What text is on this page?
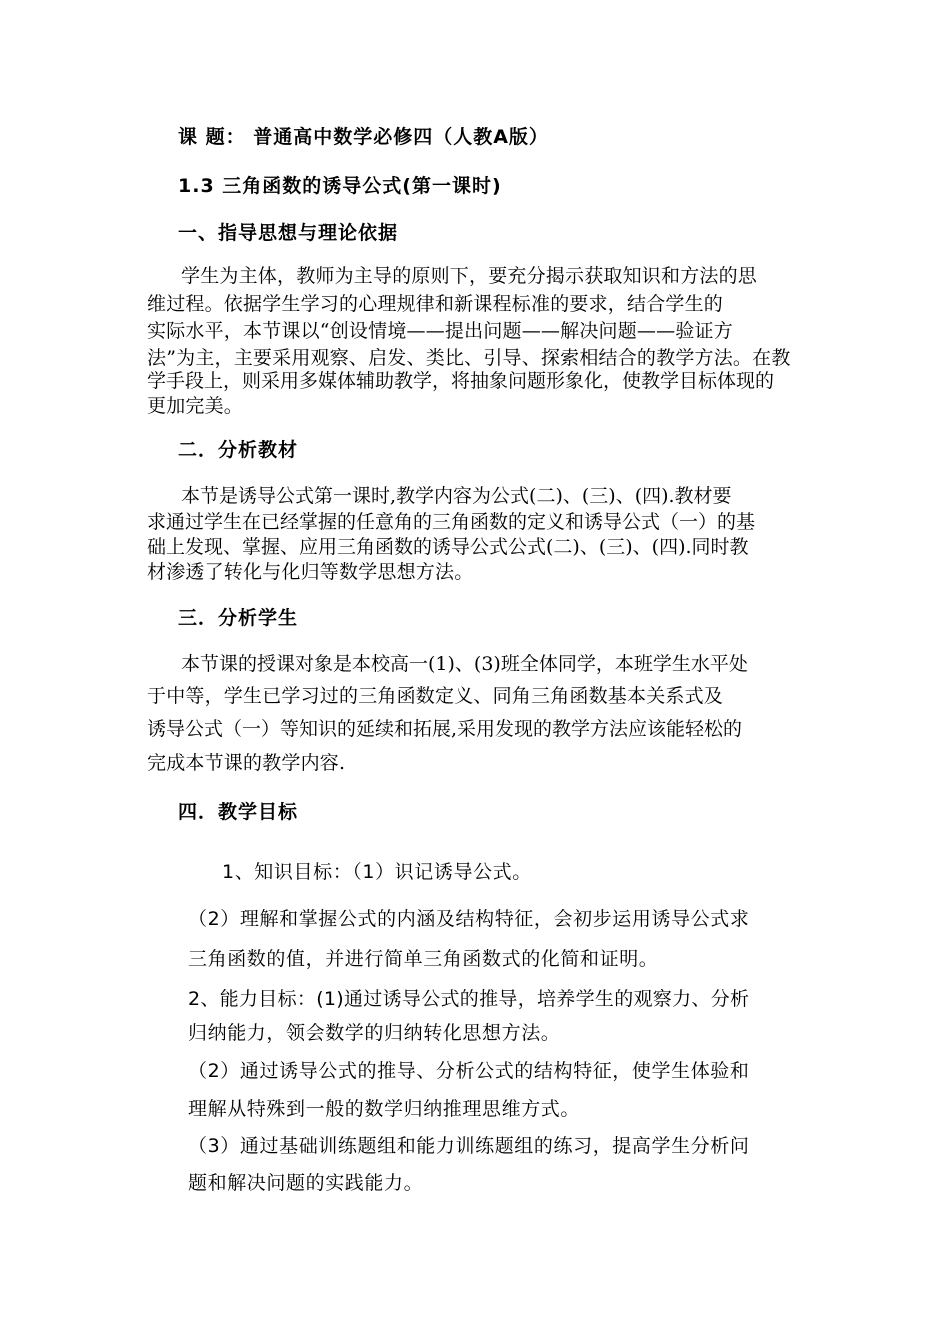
课 题： 普通高中数学必修四（人教A版）
1.3 三角函数的诱导公式(第一课时)
一、指导思想与理论依据
学生为主体，教师为主导的原则下，要充分揭示获取知识和方法的思
维过程。依据学生学习的心理规律和新课程标准的要求，结合学生的
实际水平，本节课以“创设情境——提出问题——解决问题——验证方
法”为主，主要采用观察、启发、类比、引导、探索相结合的教学方法。在教
学手段上，则采用多媒体辅助教学，将抽象问题形象化，使教学目标体现的
更加完美。
二．分析教材
本节是诱导公式第一课时,教学内容为公式(二)、(三)、(四).教材要
求通过学生在已经掌握的任意角的三角函数的定义和诱导公式（一）的基
础上发现、掌握、应用三角函数的诱导公式公式(二)、(三)、(四).同时教
材渗透了转化与化归等数学思想方法。
三．分析学生
本节课的授课对象是本校高一(1)、(3)班全体同学，本班学生水平处
于中等，学生已学习过的三角函数定义、同角三角函数基本关系式及
诱导公式（一）等知识的延续和拓展,采用发现的教学方法应该能轻松的
完成本节课的教学内容.
四．教学目标
1、知识目标：（1）识记诱导公式。
（2）理解和掌握公式的内涵及结构特征，会初步运用诱导公式求
三角函数的值，并进行简单三角函数式的化简和证明。
2、能力目标：(1)通过诱导公式的推导，培养学生的观察力、分析
归纳能力，领会数学的归纳转化思想方法。
（2）通过诱导公式的推导、分析公式的结构特征，使学生体验和
理解从特殊到一般的数学归纳推理思维方式。
（3）通过基础训练题组和能力训练题组的练习，提高学生分析问
题和解决问题的实践能力。
